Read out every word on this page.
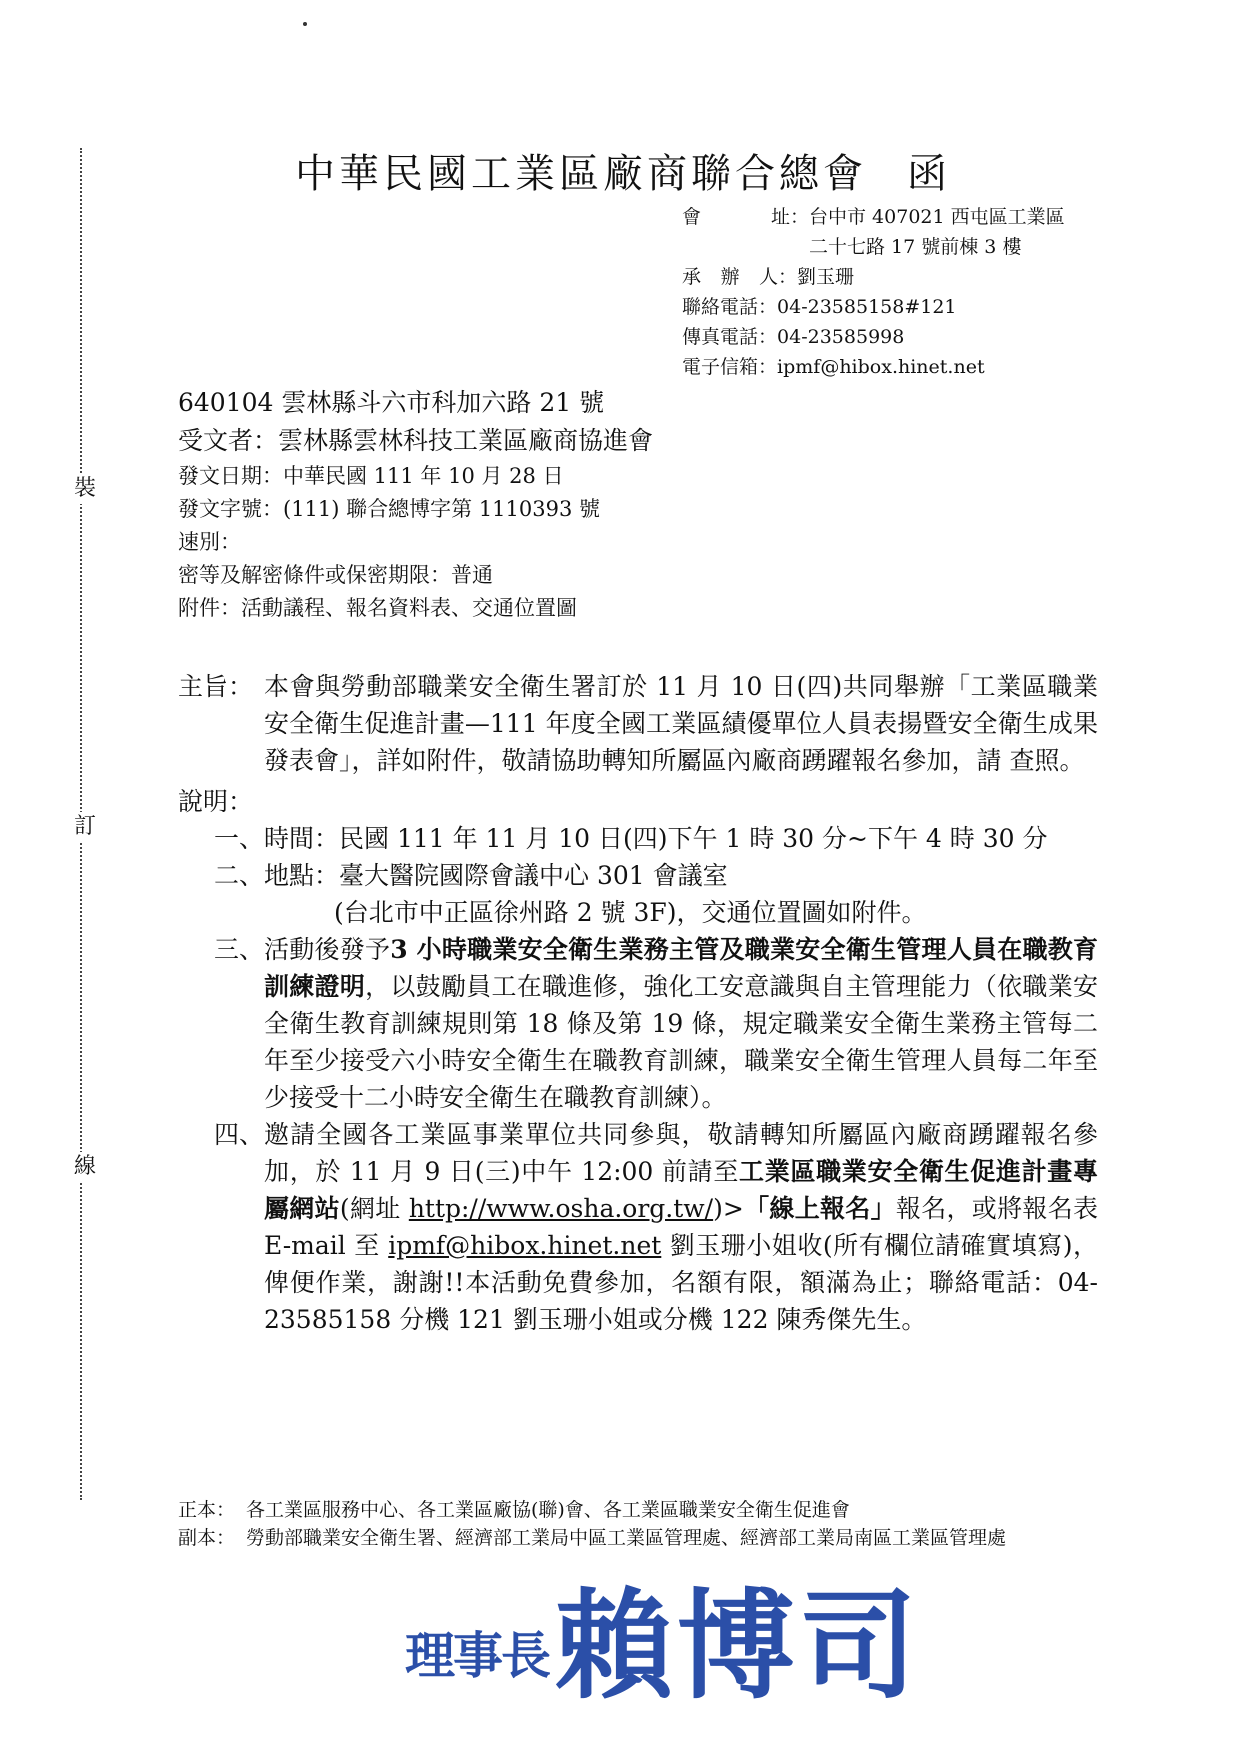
裝
訂
線
中華民國工業區廠商聯合總會 函
會	址 ： 台中市 407021 西屯區工業區
二十七路 17 號前棟 3 樓
承 辦 人 ： 劉玉珊
聯絡電話 ： 04-23585158#121
傳真電話 ： 04-23585998
電子信箱 ： ipmf@hibox.hinet.net
640104 雲林縣斗六市科加六路 21 號
受文者：雲林縣雲林科技工業區廠商協進會
發文日期：中華民國 111 年 10 月 28 日
發文字號：(111) 聯合總博字第 1110393 號
速別：
密等及解密條件或保密期限：普通
附件：活動議程、報名資料表、交通位置圖
主旨： 本會與勞動部職業安全衛生署訂於 11 月 10 日(四)共同舉辦「工業區職業安全衛生促進計畫—111 年度全國工業區績優單位人員表揚暨安全衛生成果發表會」，詳如附件，敬請協助轉知所屬區內廠商踴躍報名參加，請 查照。
說明：
一、 時間：民國 111 年 11 月 10 日(四)下午 1 時 30 分~下午 4 時 30 分
二、 地點：臺大醫院國際會議中心 301 會議室
(台北市中正區徐州路 2 號 3F)，交通位置圖如附件。
三、 活動後發予3 小時職業安全衛生業務主管及職業安全衛生管理人員在職教育訓練證明，以鼓勵員工在職進修，強化工安意識與自主管理能力（依職業安全衛生教育訓練規則第 18 條及第 19 條，規定職業安全衛生業務主管每二年至少接受六小時安全衛生在職教育訓練，職業安全衛生管理人員每二年至少接受十二小時安全衛生在職教育訓練）。
四、 邀請全國各工業區事業單位共同參與，敬請轉知所屬區內廠商踴躍報名參加，於 11 月 9 日(三)中午 12:00 前請至工業區職業安全衛生促進計畫專屬網站(網址 http://www.osha.org.tw/)>「線上報名」報名，或將報名表 E-mail 至 ipmf@hibox.hinet.net 劉玉珊小姐收(所有欄位請確實填寫)，俾便作業，謝謝!!本活動免費參加，名額有限，額滿為止；聯絡電話：04-23585158 分機 121 劉玉珊小姐或分機 122 陳秀傑先生。
正本： 各工業區服務中心、各工業區廠協(聯)會、各工業區職業安全衛生促進會
副本： 勞動部職業安全衛生署、經濟部工業局中區工業區管理處、經濟部工業局南區工業區管理處
理事長 賴博司
